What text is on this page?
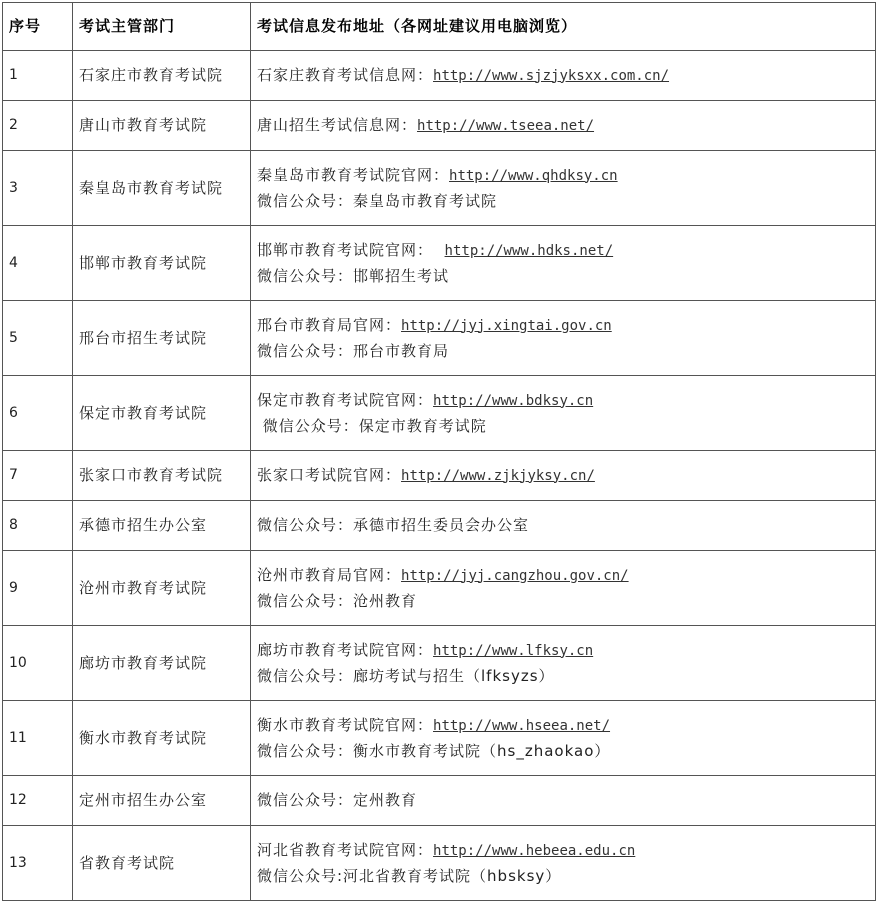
序号	考试主管部门	考试信息发布地址（各网址建议用电脑浏览）
1	石家庄市教育考试院	石家庄教育考试信息网：http://www.sjzjyksxx.com.cn/

2	唐山市教育考试院	唐山招生考试信息网：http://www.tseea.net/

3	秦皇岛市教育考试院	秦皇岛市教育考试院官网：http://www.qhdksy.cn
微信公众号：秦皇岛市教育考试院

4	邯郸市教育考试院	邯郸市教育考试院官网：  http://www.hdks.net/
微信公众号：邯郸招生考试

5	邢台市招生考试院	邢台市教育局官网：http://jyj.xingtai.gov.cn
微信公众号：邢台市教育局

6	保定市教育考试院	保定市教育考试院官网：http://www.bdksy.cn
微信公众号：保定市教育考试院

7	张家口市教育考试院	张家口考试院官网：http://www.zjkjyksy.cn/

8	承德市招生办公室	微信公众号：承德市招生委员会办公室

9	沧州市教育考试院	沧州市教育局官网：http://jyj.cangzhou.gov.cn/
微信公众号：沧州教育

10	廊坊市教育考试院	廊坊市教育考试院官网：http://www.lfksy.cn
微信公众号：廊坊考试与招生（lfksyzs）

11	衡水市教育考试院	衡水市教育考试院官网：http://www.hseea.net/
微信公众号：衡水市教育考试院（hs_zhaokao）

12	定州市招生办公室	微信公众号：定州教育

13	省教育考试院	河北省教育考试院官网：http://www.hebeea.edu.cn
微信公众号:河北省教育考试院（hbsksy）
